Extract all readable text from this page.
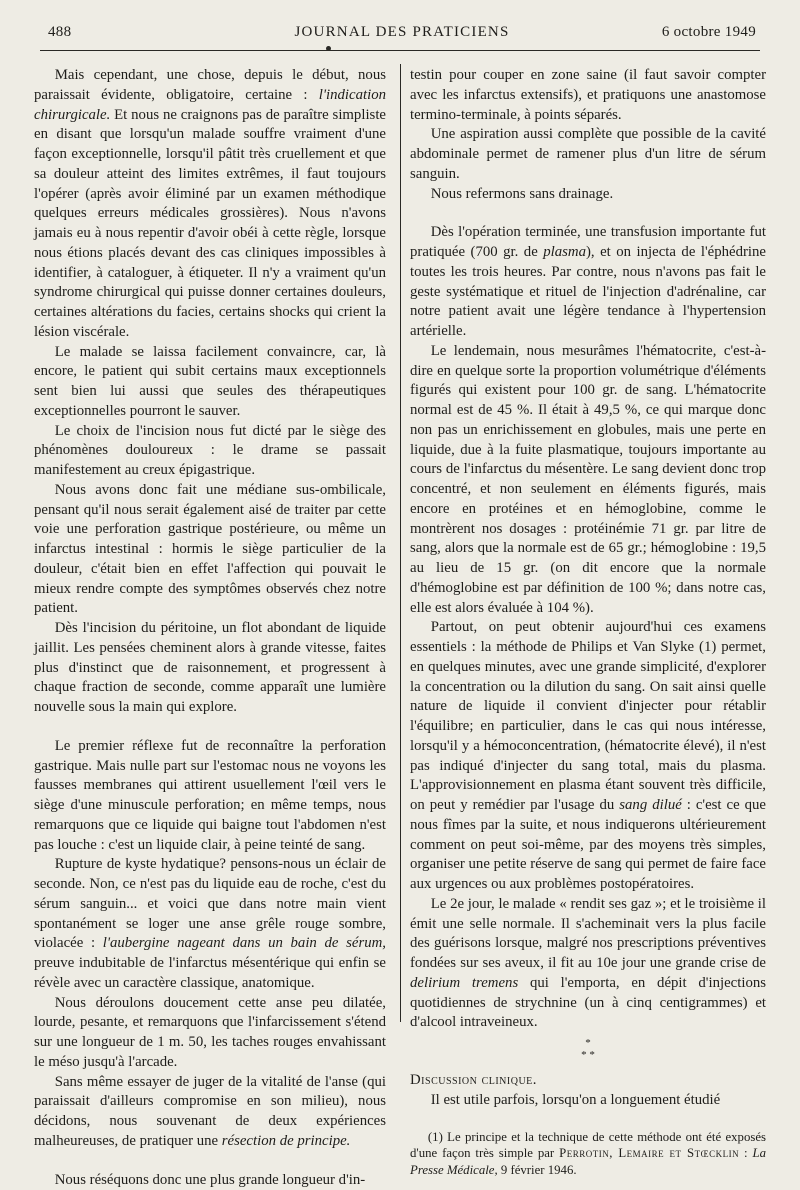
488	JOURNAL DES PRATICIENS	6 octobre 1949

Mais cependant, une chose, depuis le début, nous paraissait évidente, obligatoire, certaine : l'indication chirurgicale. Et nous ne craignons pas de paraître simpliste en disant que lorsqu'un malade souffre vraiment d'une façon exceptionnelle, lorsqu'il pâtit très cruellement et que sa douleur atteint des limites extrêmes, il faut toujours l'opérer (après avoir éliminé par un examen méthodique quelques erreurs médicales grossières). Nous n'avons jamais eu à nous repentir d'avoir obéi à cette règle, lorsque nous étions placés devant des cas cliniques impossibles à identifier, à cataloguer, à étiqueter. Il n'y a vraiment qu'un syndrome chirurgical qui puisse donner certaines douleurs, certaines altérations du facies, certains shocks qui crient la lésion viscérale.

Le malade se laissa facilement convaincre, car, là encore, le patient qui subit certains maux exceptionnels sent bien lui aussi que seules des thérapeutiques exceptionnelles pourront le sauver.

Le choix de l'incision nous fut dicté par le siège des phénomènes douloureux : le drame se passait manifestement au creux épigastrique.

Nous avons donc fait une médiane sus-ombilicale, pensant qu'il nous serait également aisé de traiter par cette voie une perforation gastrique postérieure, ou même un infarctus intestinal : hormis le siège particulier de la douleur, c'était bien en effet l'affection qui pouvait le mieux rendre compte des symptômes observés chez notre patient.

Dès l'incision du péritoine, un flot abondant de liquide jaillit. Les pensées cheminent alors à grande vitesse, faites plus d'instinct que de raisonnement, et progressent à chaque fraction de seconde, comme apparaît une lumière nouvelle sous la main qui explore.

Le premier réflexe fut de reconnaître la perforation gastrique. Mais nulle part sur l'estomac nous ne voyons les fausses membranes qui attirent usuellement l'œil vers le siège d'une minuscule perforation; en même temps, nous remarquons que ce liquide qui baigne tout l'abdomen n'est pas louche : c'est un liquide clair, à peine teinté de sang.

Rupture de kyste hydatique? pensons-nous un éclair de seconde. Non, ce n'est pas du liquide eau de roche, c'est du sérum sanguin... et voici que dans notre main vient spontanément se loger une anse grêle rouge sombre, violacée : l'aubergine nageant dans un bain de sérum, preuve indubitable de l'infarctus mésentérique qui enfin se révèle avec un caractère classique, anatomique.

Nous déroulons doucement cette anse peu dilatée, lourde, pesante, et remarquons que l'infarcissement s'étend sur une longueur de 1 m. 50, les taches rouges envahissant le méso jusqu'à l'arcade.

Sans même essayer de juger de la vitalité de l'anse (qui paraissait d'ailleurs compromise en son milieu), nous décidons, nous souvenant de deux expériences malheureuses, de pratiquer une résection de principe.

Nous réséquons donc une plus grande longueur d'in-

testin pour couper en zone saine (il faut savoir compter avec les infarctus extensifs), et pratiquons une anastomose termino-terminale, à points séparés.

Une aspiration aussi complète que possible de la cavité abdominale permet de ramener plus d'un litre de sérum sanguin.

Nous refermons sans drainage.

Dès l'opération terminée, une transfusion importante fut pratiquée (700 gr. de plasma), et on injecta de l'éphédrine toutes les trois heures. Par contre, nous n'avons pas fait le geste systématique et rituel de l'injection d'adrénaline, car notre patient avait une légère tendance à l'hypertension artérielle.

Le lendemain, nous mesurâmes l'hématocrite, c'est-à-dire en quelque sorte la proportion volumétrique d'éléments figurés qui existent pour 100 gr. de sang. L'hématocrite normal est de 45 %. Il était à 49,5 %, ce qui marque donc non pas un enrichissement en globules, mais une perte en liquide, due à la fuite plasmatique, toujours importante au cours de l'infarctus du mésentère. Le sang devient donc trop concentré, et non seulement en éléments figurés, mais encore en protéines et en hémoglobine, comme le montrèrent nos dosages : protéinémie 71 gr. par litre de sang, alors que la normale est de 65 gr.; hémoglobine : 19,5 au lieu de 15 gr. (on dit encore que la normale d'hémoglobine est par définition de 100 %; dans notre cas, elle est alors évaluée à 104 %).

Partout, on peut obtenir aujourd'hui ces examens essentiels : la méthode de Philips et Van Slyke (1) permet, en quelques minutes, avec une grande simplicité, d'explorer la concentration ou la dilution du sang. On sait ainsi quelle nature de liquide il convient d'injecter pour rétablir l'équilibre; en particulier, dans le cas qui nous intéresse, lorsqu'il y a hémoconcentration, (hématocrite élevé), il n'est pas indiqué d'injecter du sang total, mais du plasma. L'approvisionnement en plasma étant souvent très difficile, on peut y remédier par l'usage du sang dilué : c'est ce que nous fîmes par la suite, et nous indiquerons ultérieurement comment on peut soi-même, par des moyens très simples, organiser une petite réserve de sang qui permet de faire face aux urgences ou aux problèmes postopératoires.

Le 2e jour, le malade « rendit ses gaz »; et le troisième il émit une selle normale. Il s'acheminait vers la plus facile des guérisons lorsque, malgré nos prescriptions préventives fondées sur ses aveux, il fit au 10e jour une grande crise de delirium tremens qui l'emporta, en dépit d'injections quotidiennes de strychnine (un à cinq centigrammes) et d'alcool intraveineux.

*
* *

Discussion clinique.

Il est utile parfois, lorsqu'on a longuement étudié

(1) Le principe et la technique de cette méthode ont été exposés d'une façon très simple par Perrotin, Lemaire et Stœcklin : La Presse Médicale, 9 février 1946.
